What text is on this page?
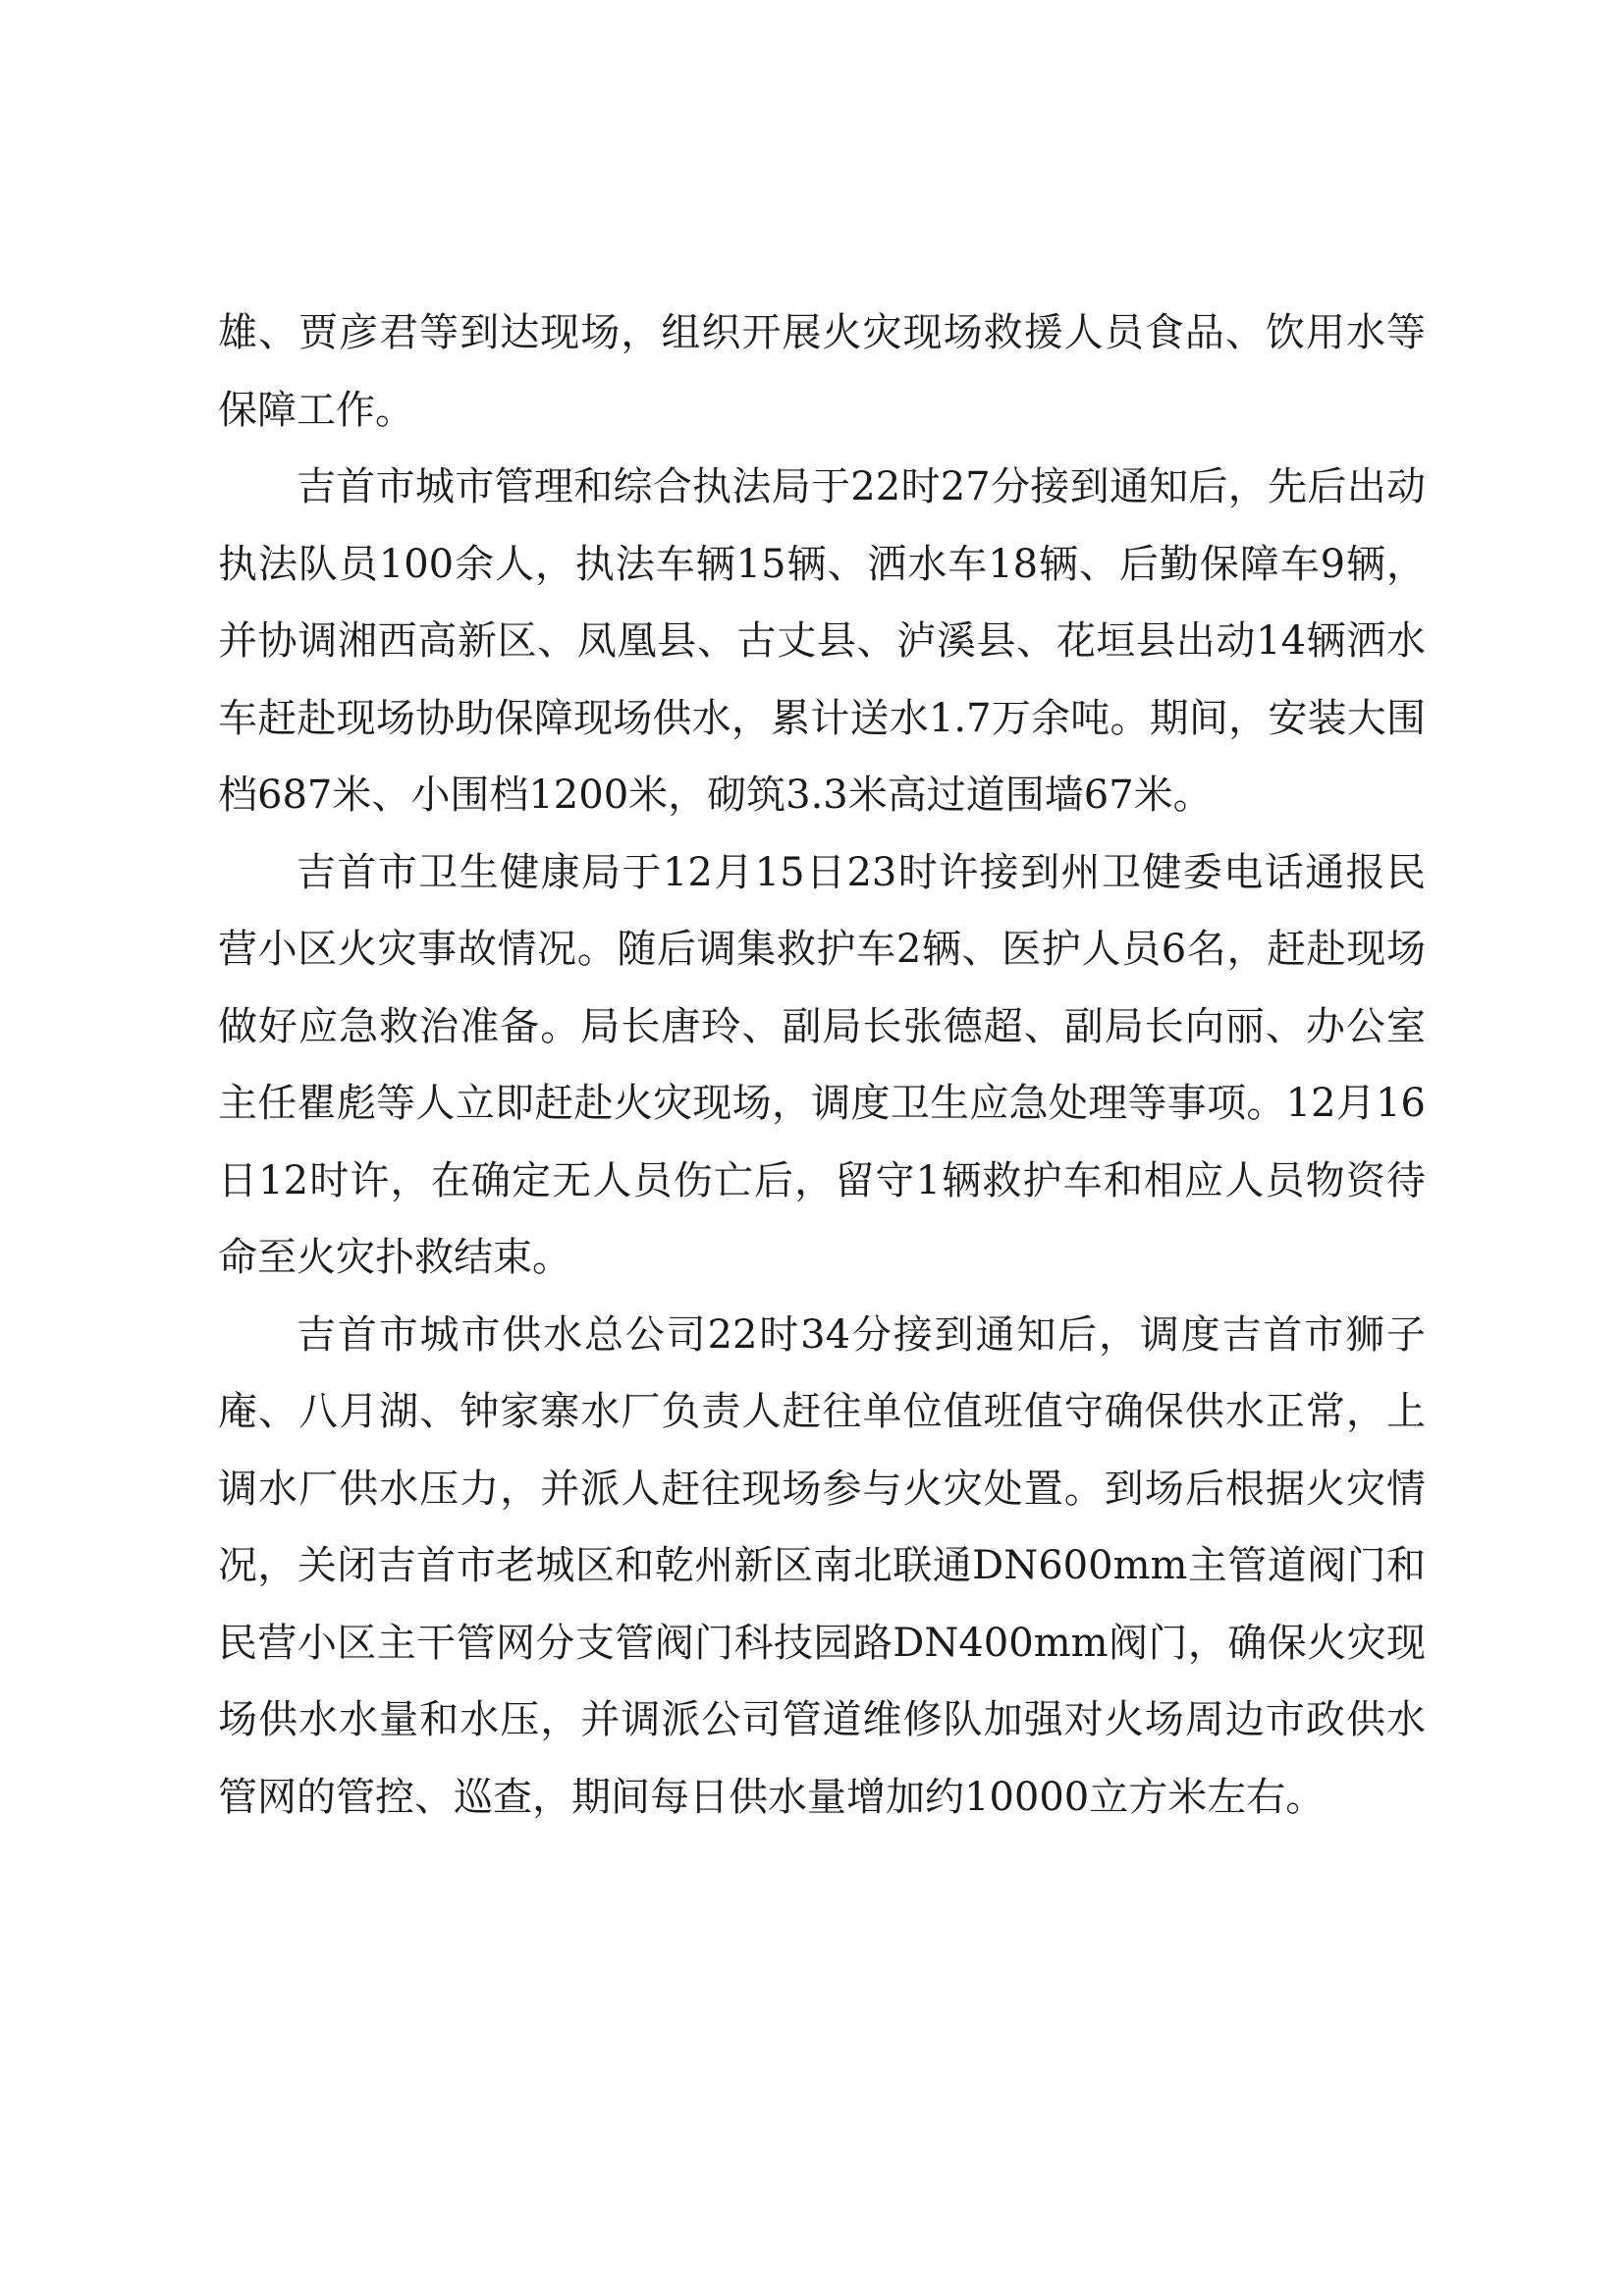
雄、贾彦君等到达现场，组织开展火灾现场救援人员食品、饮用水等保障工作。

吉首市城市管理和综合执法局于22时27分接到通知后，先后出动执法队员100余人，执法车辆15辆、洒水车18辆、后勤保障车9辆，并协调湘西高新区、凤凰县、古丈县、泸溪县、花垣县出动14辆洒水车赶赴现场协助保障现场供水，累计送水1.7万余吨。期间，安装大围档687米、小围档1200米，砌筑3.3米高过道围墙67米。

吉首市卫生健康局于12月15日23时许接到州卫健委电话通报民营小区火灾事故情况。随后调集救护车2辆、医护人员6名，赶赴现场做好应急救治准备。局长唐玲、副局长张德超、副局长向丽、办公室主任瞿彪等人立即赶赴火灾现场，调度卫生应急处理等事项。12月16日12时许，在确定无人员伤亡后，留守1辆救护车和相应人员物资待命至火灾扑救结束。

吉首市城市供水总公司22时34分接到通知后，调度吉首市狮子庵、八月湖、钟家寨水厂负责人赶往单位值班值守确保供水正常，上调水厂供水压力，并派人赶往现场参与火灾处置。到场后根据火灾情况，关闭吉首市老城区和乾州新区南北联通DN600mm主管道阀门和民营小区主干管网分支管阀门科技园路DN400mm阀门，确保火灾现场供水水量和水压，并调派公司管道维修队加强对火场周边市政供水管网的管控、巡查，期间每日供水量增加约10000立方米左右。
